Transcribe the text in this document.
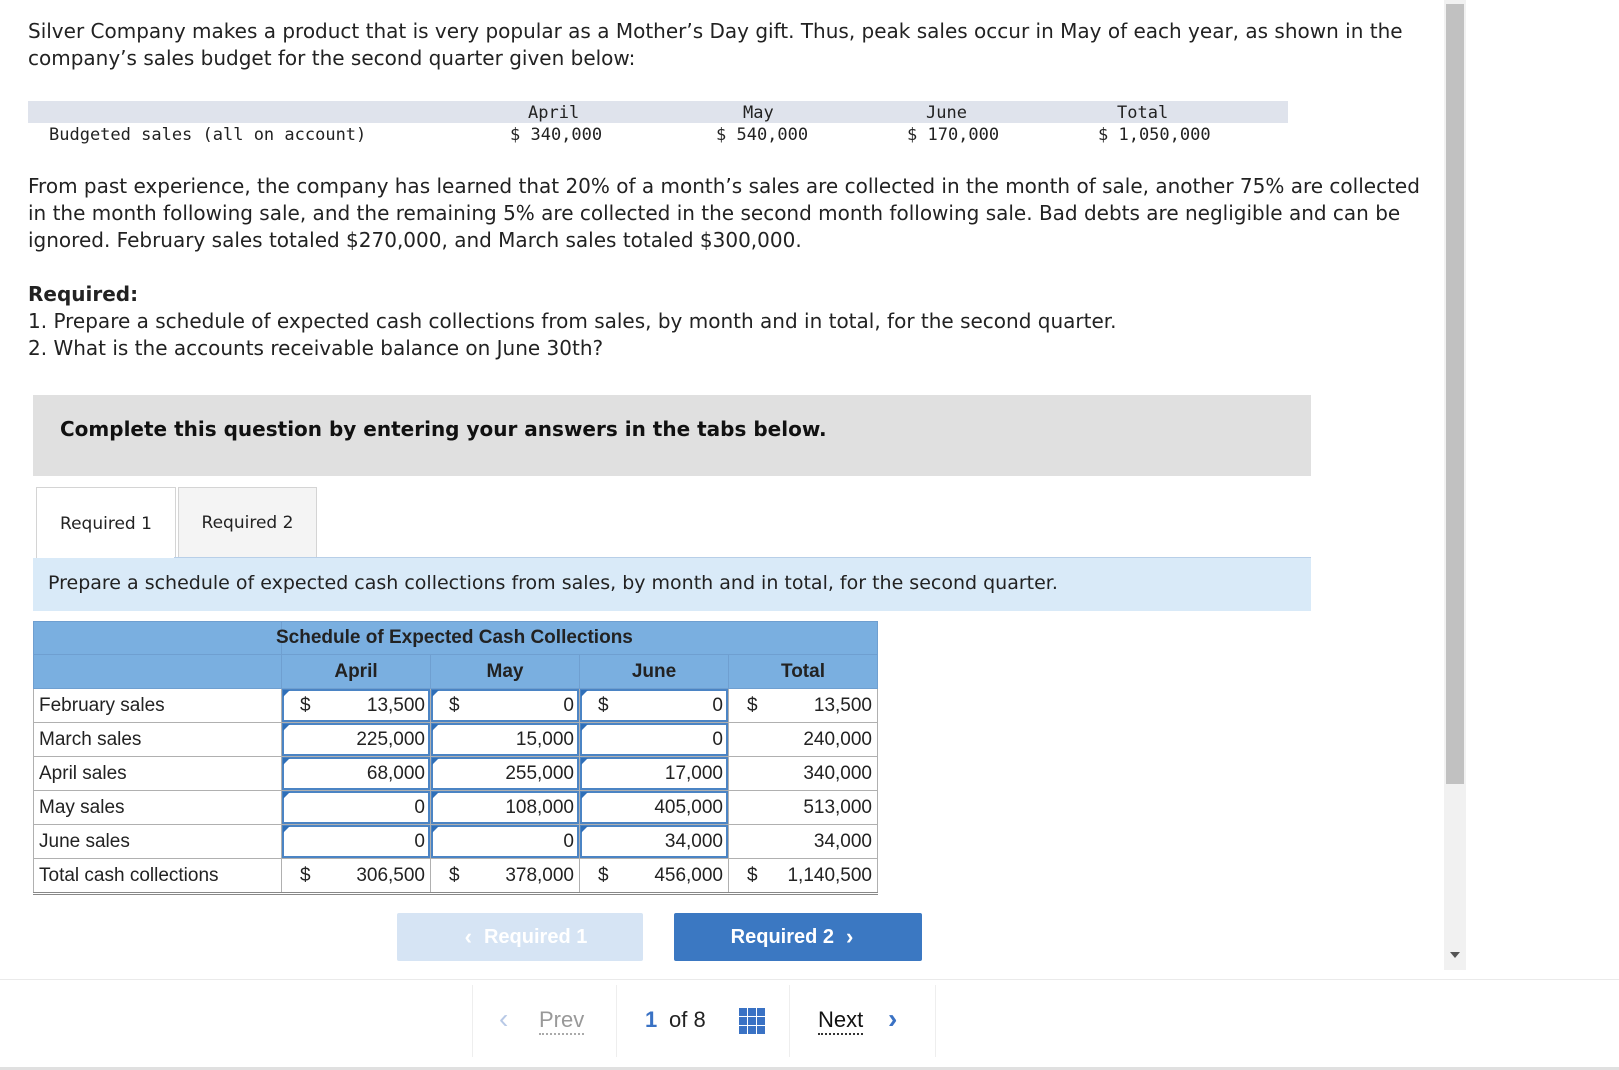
Silver Company makes a product that is very popular as a Mother’s Day gift. Thus, peak sales occur in May of each year, as shown in the company’s sales budget for the second quarter given below:

April	May	June	Total
Budgeted sales (all on account)	$ 340,000	$ 540,000	$ 170,000	$ 1,050,000

From past experience, the company has learned that 20% of a month’s sales are collected in the month of sale, another 75% are collected in the month following sale, and the remaining 5% are collected in the second month following sale. Bad debts are negligible and can be ignored. February sales totaled $270,000, and March sales totaled $300,000.

Required:

1. Prepare a schedule of expected cash collections from sales, by month and in total, for the second quarter.

2. What is the accounts receivable balance on June 30th?

Complete this question by entering your answers in the tabs below.
Required 1	Required 2
Prepare a schedule of expected cash collections from sales, by month and in total, for the second quarter.
	Schedule of Expected Cash Collections			
	April	May	June	Total
February sales	$ 13,500	$ 0	$ 0	$ 13,500

March sales	225,000	15,000	0	240,000

April sales	68,000	255,000	17,000	340,000

May sales	0	108,000	405,000	513,000

June sales	0	0	34,000	34,000

Total cash collections	$ 306,500	$ 378,000	$ 456,000	$ 1,140,500
‹ Required 1	Required 2 ›
‹ Prev	1 of 8	Next ›
